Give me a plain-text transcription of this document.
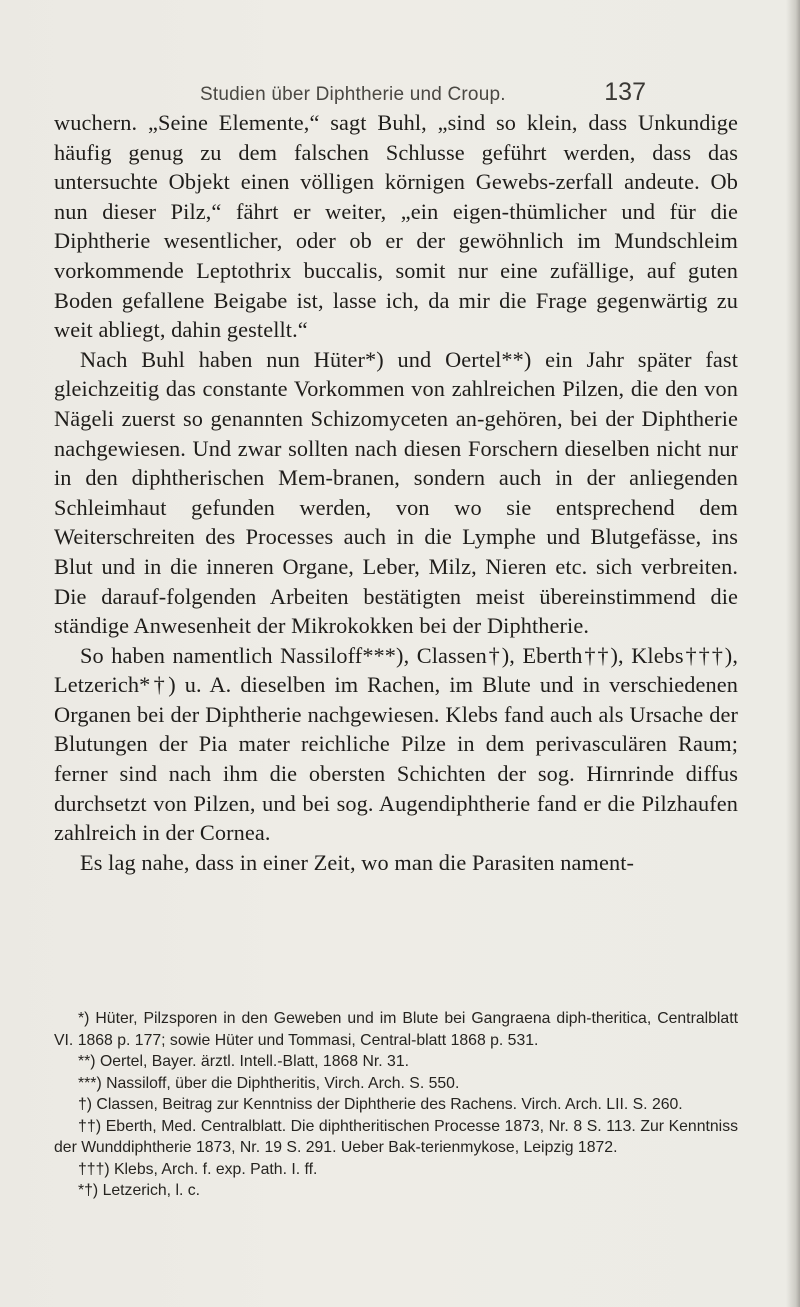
Studien über Diphtherie und Croup.	137

wuchern. „Seine Elemente,“ sagt Buhl, „sind so klein, dass Unkundige häufig genug zu dem falschen Schlusse geführt werden, dass das untersuchte Objekt einen völligen körnigen Gewebs-zerfall andeute. Ob nun dieser Pilz,“ fährt er weiter, „ein eigen-thümlicher und für die Diphtherie wesentlicher, oder ob er der gewöhnlich im Mundschleim vorkommende Leptothrix buccalis, somit nur eine zufällige, auf guten Boden gefallene Beigabe ist, lasse ich, da mir die Frage gegenwärtig zu weit abliegt, dahin gestellt.“

Nach Buhl haben nun Hüter*) und Oertel**) ein Jahr später fast gleichzeitig das constante Vorkommen von zahlreichen Pilzen, die den von Nägeli zuerst so genannten Schizomyceten an-gehören, bei der Diphtherie nachgewiesen. Und zwar sollten nach diesen Forschern dieselben nicht nur in den diphtherischen Mem-branen, sondern auch in der anliegenden Schleimhaut gefunden werden, von wo sie entsprechend dem Weiterschreiten des Processes auch in die Lymphe und Blutgefässe, ins Blut und in die inneren Organe, Leber, Milz, Nieren etc. sich verbreiten. Die darauf-folgenden Arbeiten bestätigten meist übereinstimmend die ständige Anwesenheit der Mikrokokken bei der Diphtherie.

So haben namentlich Nassiloff***), Classen†), Eberth††), Klebs†††), Letzerich*†) u. A. dieselben im Rachen, im Blute und in verschiedenen Organen bei der Diphtherie nachgewiesen. Klebs fand auch als Ursache der Blutungen der Pia mater reichliche Pilze in dem perivasculären Raum; ferner sind nach ihm die obersten Schichten der sog. Hirnrinde diffus durchsetzt von Pilzen, und bei sog. Augendiphtherie fand er die Pilzhaufen zahlreich in der Cornea.

Es lag nahe, dass in einer Zeit, wo man die Parasiten nament-

*) Hüter, Pilzsporen in den Geweben und im Blute bei Gangraena diph-theritica, Centralblatt VI. 1868 p. 177; sowie Hüter und Tommasi, Central-blatt 1868 p. 531.

**) Oertel, Bayer. ärztl. Intell.-Blatt, 1868 Nr. 31.

***) Nassiloff, über die Diphtheritis, Virch. Arch. S. 550.

†) Classen, Beitrag zur Kenntniss der Diphtherie des Rachens. Virch. Arch. LII. S. 260.

††) Eberth, Med. Centralblatt. Die diphtheritischen Processe 1873, Nr. 8 S. 113. Zur Kenntniss der Wunddiphtherie 1873, Nr. 19 S. 291. Ueber Bak-terienmykose, Leipzig 1872.

†††) Klebs, Arch. f. exp. Path. I. ff.

*†) Letzerich, l. c.
